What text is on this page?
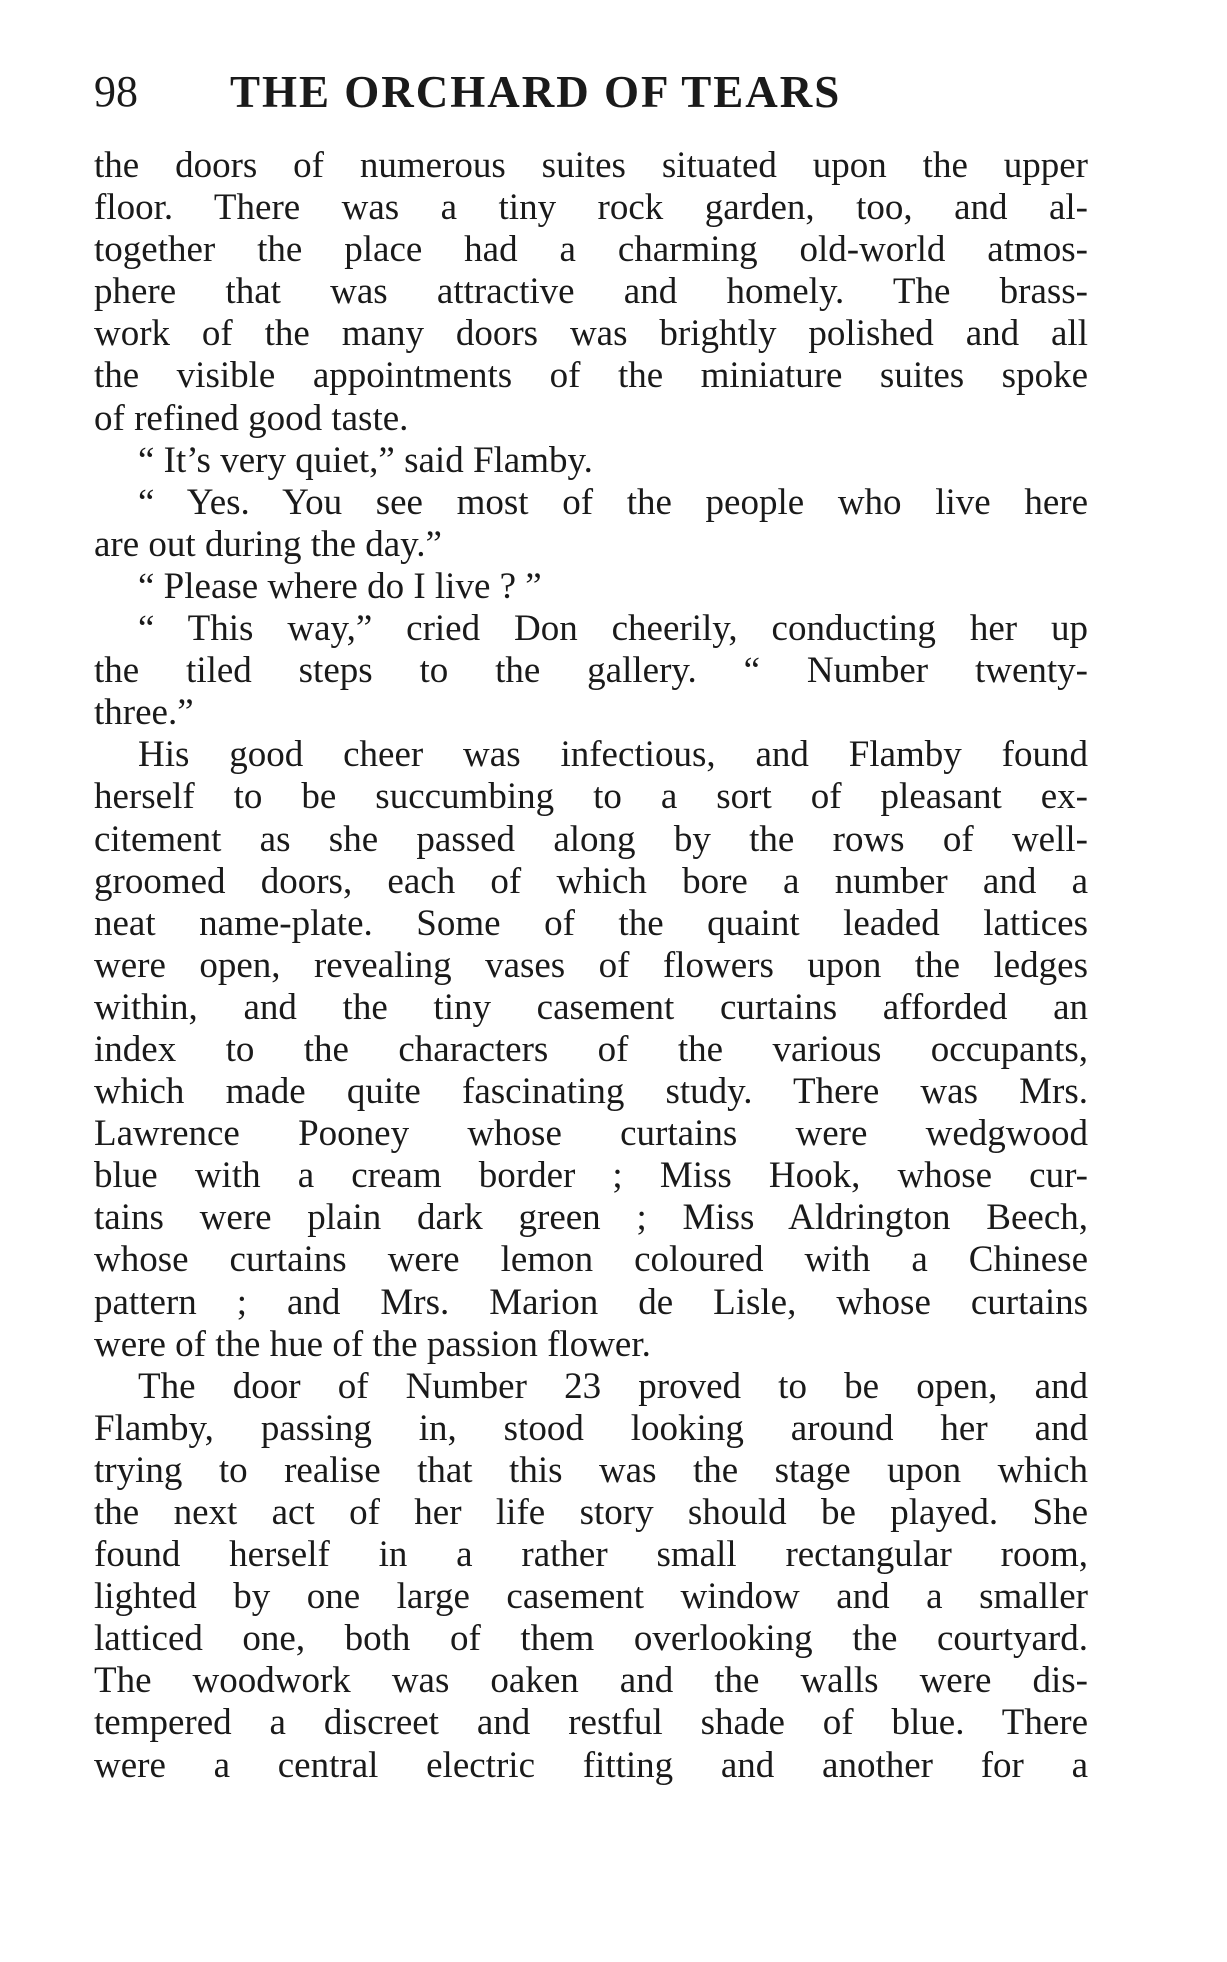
98 THE ORCHARD OF TEARS
the doors of numerous suites situated upon the upper
floor. There was a tiny rock garden, too, and al-
together the place had a charming old-world atmos-
phere that was attractive and homely. The brass-
work of the many doors was brightly polished and all
the visible appointments of the miniature suites spoke
of refined good taste.
“ It’s very quiet,” said Flamby.
“ Yes. You see most of the people who live here
are out during the day.”
“ Please where do I live ? ”
“ This way,” cried Don cheerily, conducting her up
the tiled steps to the gallery. “ Number twenty-
three.”
His good cheer was infectious, and Flamby found
herself to be succumbing to a sort of pleasant ex-
citement as she passed along by the rows of well-
groomed doors, each of which bore a number and a
neat name-plate. Some of the quaint leaded lattices
were open, revealing vases of flowers upon the ledges
within, and the tiny casement curtains afforded an
index to the characters of the various occupants,
which made quite fascinating study. There was Mrs.
Lawrence Pooney whose curtains were wedgwood
blue with a cream border ; Miss Hook, whose cur-
tains were plain dark green ; Miss Aldrington Beech,
whose curtains were lemon coloured with a Chinese
pattern ; and Mrs. Marion de Lisle, whose curtains
were of the hue of the passion flower.
The door of Number 23 proved to be open, and
Flamby, passing in, stood looking around her and
trying to realise that this was the stage upon which
the next act of her life story should be played. She
found herself in a rather small rectangular room,
lighted by one large casement window and a smaller
latticed one, both of them overlooking the courtyard.
The woodwork was oaken and the walls were dis-
tempered a discreet and restful shade of blue. There
were a central electric fitting and another for a
